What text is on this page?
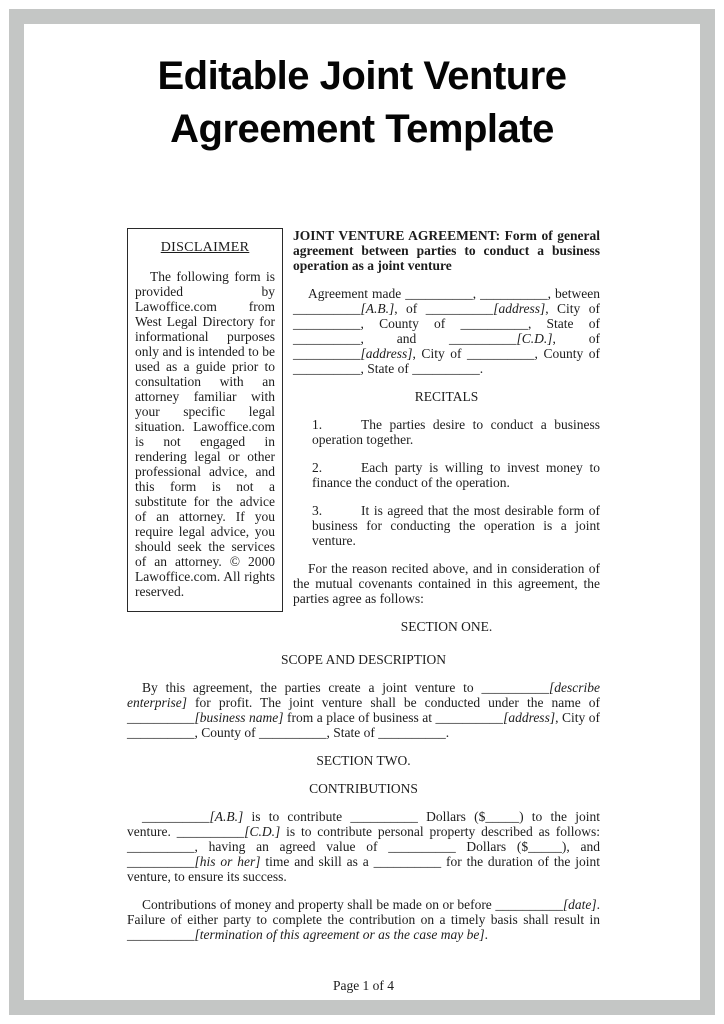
Editable Joint Venture Agreement Template

DISCLAIMER

The following form is provided by Lawoffice.com from West Legal Directory for informational purposes only and is intended to be used as a guide prior to consultation with an attorney familiar with your specific legal situation. Lawoffice.com is not engaged in rendering legal or other professional advice, and this form is not a substitute for the advice of an attorney. If you require legal advice, you should seek the services of an attorney. © 2000 Lawoffice.com. All rights reserved.

JOINT VENTURE AGREEMENT: Form of general agreement between parties to conduct a business operation as a joint venture

Agreement made __________, __________, between __________[A.B.], of __________[address], City of __________, County of __________, State of __________, and __________[C.D.], of __________[address], City of __________, County of __________, State of __________.

RECITALS

1.	The parties desire to conduct a business operation together.

2.	Each party is willing to invest money to finance the conduct of the operation.

3.	It is agreed that the most desirable form of business for conducting the operation is a joint venture.

For the reason recited above, and in consideration of the mutual covenants contained in this agreement, the parties agree as follows:

SECTION ONE.

SCOPE AND DESCRIPTION

By this agreement, the parties create a joint venture to __________[describe enterprise] for profit. The joint venture shall be conducted under the name of __________[business name] from a place of business at __________[address], City of __________, County of __________, State of __________.

SECTION TWO.

CONTRIBUTIONS

__________[A.B.] is to contribute __________ Dollars ($_____) to the joint venture. __________[C.D.] is to contribute personal property described as follows: __________, having an agreed value of __________ Dollars ($_____), and __________[his or her] time and skill as a __________ for the duration of the joint venture, to ensure its success.

Contributions of money and property shall be made on or before __________[date]. Failure of either party to complete the contribution on a timely basis shall result in __________[termination of this agreement or as the case may be].

Page 1 of 4
